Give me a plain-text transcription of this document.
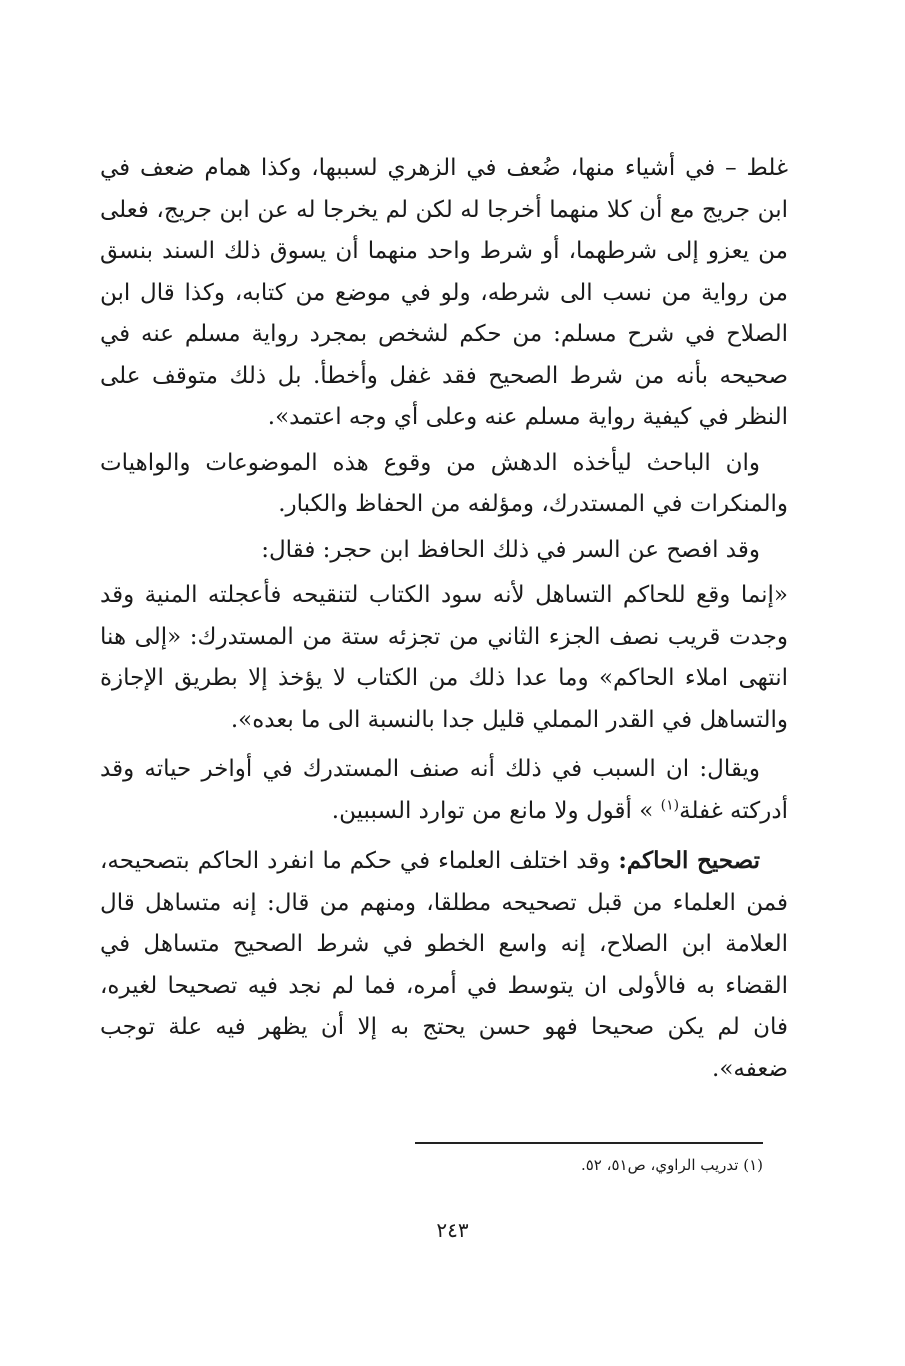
غلط – في أشياء منها، ضُعف في الزهري لسببها، وكذا همام ضعف في ابن جريج مع أن كلا منهما أخرجا له لكن لم يخرجا له عن ابن جريج، فعلى من يعزو إلى شرطهما، أو شرط واحد منهما أن يسوق ذلك السند بنسق من رواية من نسب الى شرطه، ولو في موضع من كتابه، وكذا قال ابن الصلاح في شرح مسلم: من حكم لشخص بمجرد رواية مسلم عنه في صحيحه بأنه من شرط الصحيح فقد غفل وأخطأ. بل ذلك متوقف على النظر في كيفية رواية مسلم عنه وعلى أي وجه اعتمد».

وان الباحث ليأخذه الدهش من وقوع هذه الموضوعات والواهيات والمنكرات في المستدرك، ومؤلفه من الحفاظ والكبار.

وقد افصح عن السر في ذلك الحافظ ابن حجر: فقال:

«إنما وقع للحاكم التساهل لأنه سود الكتاب لتنقيحه فأعجلته المنية وقد وجدت قريب نصف الجزء الثاني من تجزئه ستة من المستدرك: «إلى هنا انتهى املاء الحاكم» وما عدا ذلك من الكتاب لا يؤخذ إلا بطريق الإجازة والتساهل في القدر المملي قليل جدا بالنسبة الى ما بعده».

ويقال: ان السبب في ذلك أنه صنف المستدرك في أواخر حياته وقد أدركته غفلة$^{(١)}$ » أقول ولا مانع من توارد السببين.

تصحيح الحاكم: وقد اختلف العلماء في حكم ما انفرد الحاكم بتصحيحه، فمن العلماء من قبل تصحيحه مطلقا، ومنهم من قال: إنه متساهل قال العلامة ابن الصلاح، إنه واسع الخطو في شرط الصحيح متساهل في القضاء به فالأولى ان يتوسط في أمره، فما لم نجد فيه تصحيحا لغيره، فان لم يكن صحيحا فهو حسن يحتج به إلا أن يظهر فيه علة توجب ضعفه».

(١) تدريب الراوي، ص٥١، ٥٢.
٢٤٣
